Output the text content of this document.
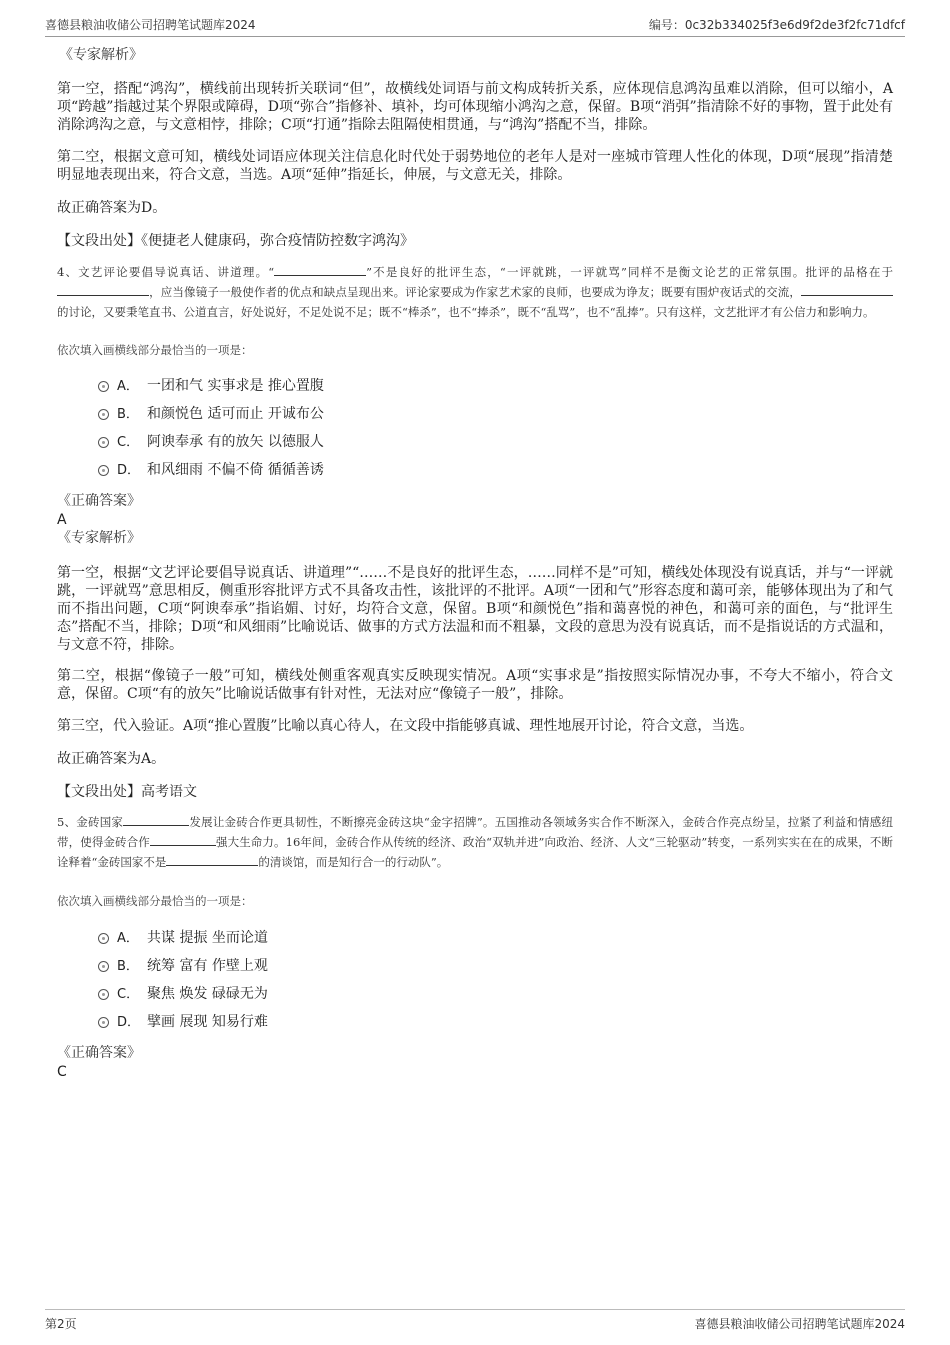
喜德县粮油收储公司招聘笔试题库2024	编号：0c32b334025f3e6d9f2de3f2fc71dfcf
《专家解析》

第一空，搭配“鸿沟”，横线前出现转折关联词“但”，故横线处词语与前文构成转折关系，应体现信息鸿沟虽难以消除，但可以缩小，A项“跨越”指越过某个界限或障碍，D项“弥合”指修补、填补，均可体现缩小鸿沟之意，保留。B项“消弭”指清除不好的事物，置于此处有消除鸿沟之意，与文意相悖，排除；C项“打通”指除去阻隔使相贯通，与“鸿沟”搭配不当，排除。

第二空，根据文意可知，横线处词语应体现关注信息化时代处于弱势地位的老年人是对一座城市管理人性化的体现，D项“展现”指清楚明显地表现出来，符合文意，当选。A项“延伸”指延长，伸展，与文意无关，排除。

故正确答案为D。

【文段出处】《便捷老人健康码，弥合疫情防控数字鸿沟》

4、文艺评论要倡导说真话、讲道理。“	”不是良好的批评生态，“一评就跳，一评就骂”同样不是衡文论艺的正常氛围。批评的品格在于，应当像镜子一般使作者的优点和缺点呈现出来。评论家要成为作家艺术家的良师，也要成为诤友；既要有围炉夜话式的交流，的讨论，又要秉笔直书、公道直言，好处说好，不足处说不足；既不“棒杀”，也不“捧杀”，既不“乱骂”，也不“乱捧”。只有这样，文艺批评才有公信力和影响力。

依次填入画横线部分最恰当的一项是：
A． 一团和气 实事求是 推心置腹
B． 和颜悦色 适可而止 开诚布公
C． 阿谀奉承 有的放矢 以德服人
D． 和风细雨 不偏不倚 循循善诱
《正确答案》
A
《专家解析》

第一空，根据“文艺评论要倡导说真话、讲道理”“……不是良好的批评生态，……同样不是”可知，横线处体现没有说真话，并与“一评就跳，一评就骂”意思相反，侧重形容批评方式不具备攻击性，该批评的不批评。A项“一团和气”形容态度和蔼可亲，能够体现出为了和气而不指出问题，C项“阿谀奉承”指谄媚、讨好，均符合文意，保留。B项“和颜悦色”指和蔼喜悦的神色，和蔼可亲的面色，与“批评生态”搭配不当，排除；D项“和风细雨”比喻说话、做事的方式方法温和而不粗暴，文段的意思为没有说真话，而不是指说话的方式温和，与文意不符，排除。

第二空，根据“像镜子一般”可知，横线处侧重客观真实反映现实情况。A项“实事求是”指按照实际情况办事，不夸大不缩小，符合文意，保留。C项“有的放矢”比喻说话做事有针对性，无法对应“像镜子一般”，排除。

第三空，代入验证。A项“推心置腹”比喻以真心待人，在文段中指能够真诚、理性地展开讨论，符合文意，当选。

故正确答案为A。

【文段出处】高考语文

5、金砖国家	发展让金砖合作更具韧性，不断擦亮金砖这块“金字招牌”。五国推动各领域务实合作不断深入，金砖合作亮点纷呈，拉紧了利益和情感纽带，使得金砖合作	强大生命力。16年间，金砖合作从传统的经济、政治“双轨并进”向政治、经济、人文“三轮驱动”转变，一系列实实在在的成果，不断诠释着“金砖国家不是	的清谈馆，而是知行合一的行动队”。

依次填入画横线部分最恰当的一项是：
A． 共谋 提振 坐而论道
B． 统筹 富有 作壁上观
C． 聚焦 焕发 碌碌无为
D． 擘画 展现 知易行难
《正确答案》
C
第2页	喜德县粮油收储公司招聘笔试题库2024
